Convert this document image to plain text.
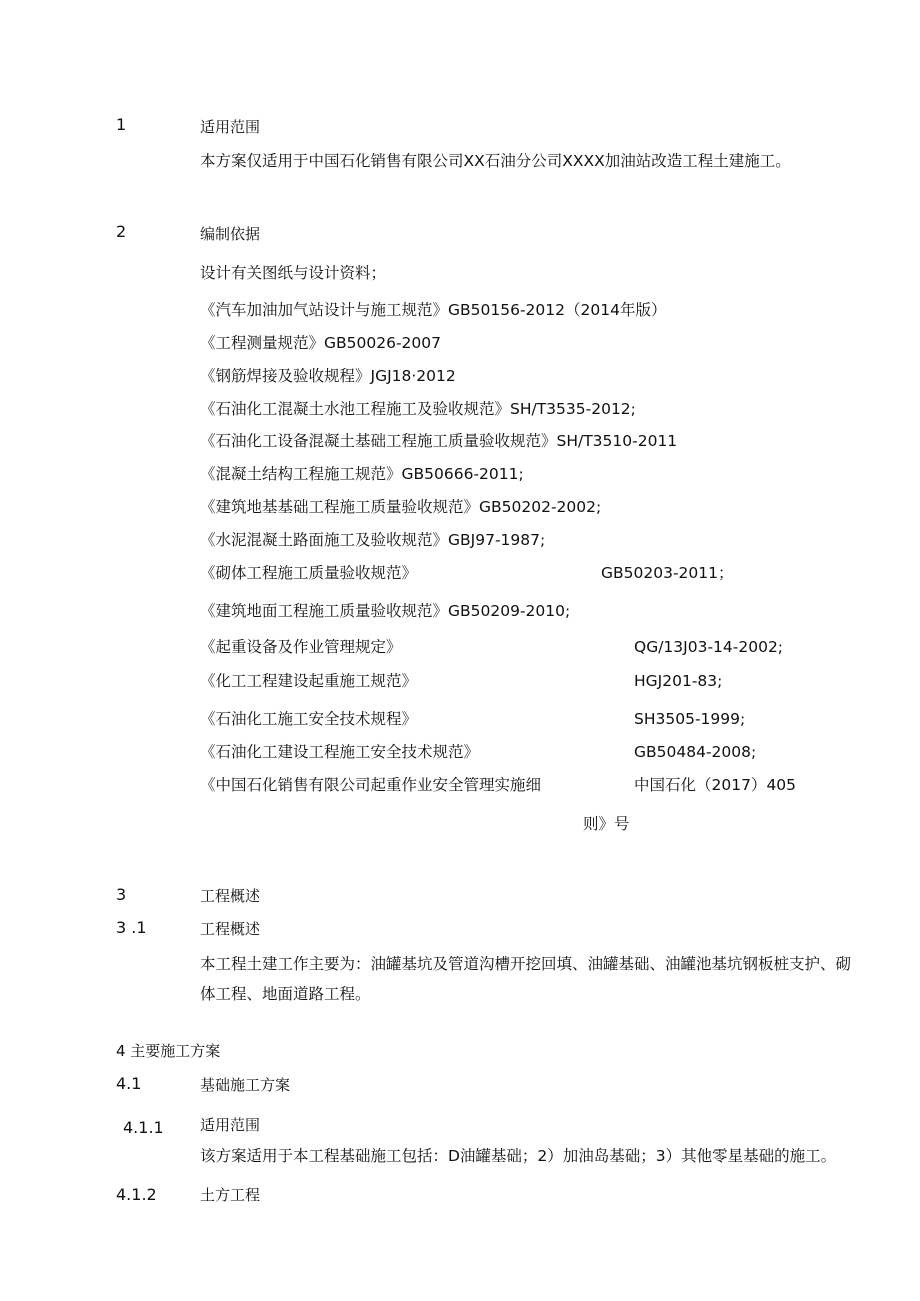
1	适用范围
本方案仅适用于中国石化销售有限公司XX石油分公司XXXX加油站改造工程土建施工。
2	编制依据
设计有关图纸与设计资料；
《汽车加油加气站设计与施工规范》GB50156-2012（2014年版）
《工程测量规范》GB50026-2007
《钢筋焊接及验收规程》JGJ18·2012
《石油化工混凝土水池工程施工及验收规范》SH/T3535-2012;
《石油化工设备混凝土基础工程施工质量验收规范》SH/T3510-2011
《混凝土结构工程施工规范》GB50666-2011;
《建筑地基基础工程施工质量验收规范》GB50202-2002;
《水泥混凝土路面施工及验收规范》GBJ97-1987;
《砌体工程施工质量验收规范》	GB50203-2011；
《建筑地面工程施工质量验收规范》GB50209-2010;
《起重设备及作业管理规定》	QG/13J03-14-2002;
《化工工程建设起重施工规范》	HGJ201-83;
《石油化工施工安全技术规程》	SH3505-1999;
《石油化工建设工程施工安全技术规范》	GB50484-2008;
《中国石化销售有限公司起重作业安全管理实施细	中国石化（2017）405
则》号
3	工程概述
3 .1	工程概述
本工程土建工作主要为：油罐基坑及管道沟槽开挖回填、油罐基础、油罐池基坑钢板桩支护、砌
体工程、地面道路工程。
4 主要施工方案
4.1	基础施工方案
4.1.1 适用范围
该方案适用于本工程基础施工包括：D油罐基础；2）加油岛基础；3）其他零星基础的施工。
4.1.2	土方工程
